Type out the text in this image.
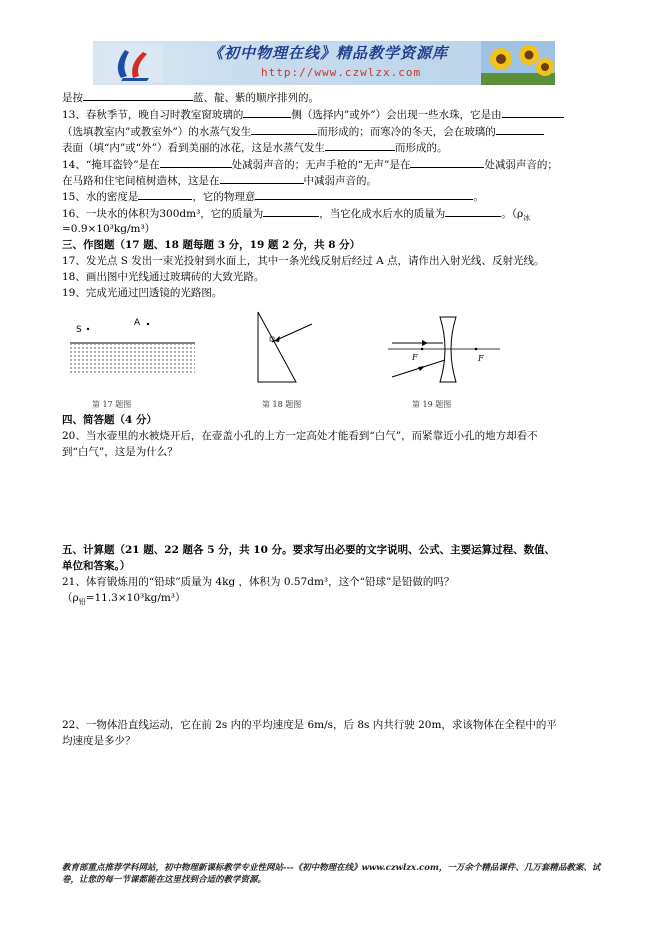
《初中物理在线》精品教学资源库
http://www.czwlzx.com
是按	蓝、靛、紫的顺序排列的。
13、春秋季节，晚自习时教室窗玻璃的	侧（选择内”或外”）会出现一些水珠，它是由
（选填教室内”或教室外”）的水蒸气发生	而形成的；而寒冷的冬天，会在玻璃的
表面（填“内”或“外”）看到美丽的冰花，这是水蒸气发生	而形成的。
14、“掩耳盗铃”是在	处减弱声音的；无声手枪的“无声”是在	处减弱声音的；
在马路和住宅间植树造林，这是在	中减弱声音的。
15、水的密度是	，它的物理意	。
16、一块水的体积为300dm³，它的质量为	，当它化成水后水的质量为	。（$\rho_冰$
=0.9×10³kg/m³）
三、作图题（17 题、18 题每题 3 分，19 题 2 分，共 8 分）
17、发光点 S 发出一束光投射到水面上，其中一条光线反射后经过 A 点，请作出入射光线、反射光线。
18、画出图中光线通过玻璃砖的大致光路。
19、完成光通过凹透镜的光路图。
S
A
第 17 题图	第 18 题图
F	F
第 19 题图
四、简答题（4 分）
20、当水壶里的水被烧开后，在壶盖小孔的上方一定高处才能看到“白气”，而紧靠近小孔的地方却看不
到“白气”，这是为什么？
五、计算题（21 题、22 题各 5 分，共 10 分。要求写出必要的文字说明、公式、主要运算过程、数值、
单位和答案。）
21、体育锻炼用的“铅球”质量为 4kg ，体积为 0.57dm³，这个“铅球”是铅做的吗？
$(\rho_铅=11.3\times 10^3kg/m^3)$
22、一物体沿直线运动，它在前 2s 内的平均速度是 6m/s，后 8s 内共行驶 20m，求该物体在全程中的平
均速度是多少？
教育部重点推荐学科网站，初中物理新课标教学专业性网站---《初中物理在线》www.czwlzx.com，一万余个精品课件、几万套精品教案、试卷，让您的每一节课都能在这里找到合适的教学资源。
